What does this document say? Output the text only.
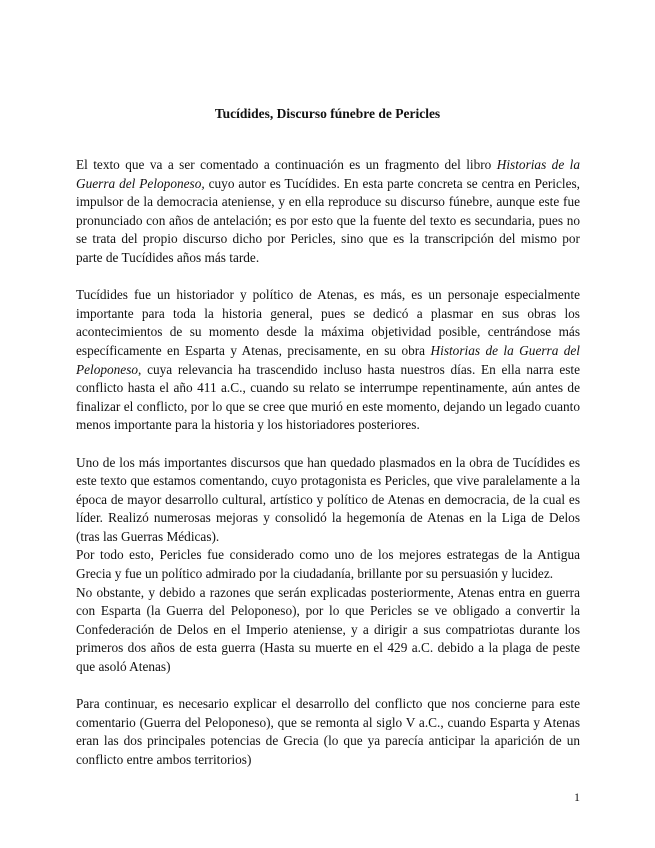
Tucídides, Discurso fúnebre de Pericles

El texto que va a ser comentado a continuación es un fragmento del libro Historias de la Guerra del Peloponeso, cuyo autor es Tucídides. En esta parte concreta se centra en Pericles, impulsor de la democracia ateniense, y en ella reproduce su discurso fúnebre, aunque este fue pronunciado con años de antelación; es por esto que la fuente del texto es secundaria, pues no se trata del propio discurso dicho por Pericles, sino que es la transcripción del mismo por parte de Tucídides años más tarde.

Tucídides fue un historiador y político de Atenas, es más, es un personaje especialmente importante para toda la historia general, pues se dedicó a plasmar en sus obras los acontecimientos de su momento desde la máxima objetividad posible, centrándose más específicamente en Esparta y Atenas, precisamente, en su obra Historias de la Guerra del Peloponeso, cuya relevancia ha trascendido incluso hasta nuestros días. En ella narra este conflicto hasta el año 411 a.C., cuando su relato se interrumpe repentinamente, aún antes de finalizar el conflicto, por lo que se cree que murió en este momento, dejando un legado cuanto menos importante para la historia y los historiadores posteriores.

Uno de los más importantes discursos que han quedado plasmados en la obra de Tucídides es este texto que estamos comentando, cuyo protagonista es Pericles, que vive paralelamente a la época de mayor desarrollo cultural, artístico y político de Atenas en democracia, de la cual es líder. Realizó numerosas mejoras y consolidó la hegemonía de Atenas en la Liga de Delos (tras las Guerras Médicas).

Por todo esto, Pericles fue considerado como uno de los mejores estrategas de la Antigua Grecia y fue un político admirado por la ciudadanía, brillante por su persuasión y lucidez.

No obstante, y debido a razones que serán explicadas posteriormente, Atenas entra en guerra con Esparta (la Guerra del Peloponeso), por lo que Pericles se ve obligado a convertir la Confederación de Delos en el Imperio ateniense, y a dirigir a sus compatriotas durante los primeros dos años de esta guerra (Hasta su muerte en el 429 a.C. debido a la plaga de peste que asoló Atenas)

Para continuar, es necesario explicar el desarrollo del conflicto que nos concierne para este comentario (Guerra del Peloponeso), que se remonta al siglo V a.C., cuando Esparta y Atenas eran las dos principales potencias de Grecia (lo que ya parecía anticipar la aparición de un conflicto entre ambos territorios)

1
